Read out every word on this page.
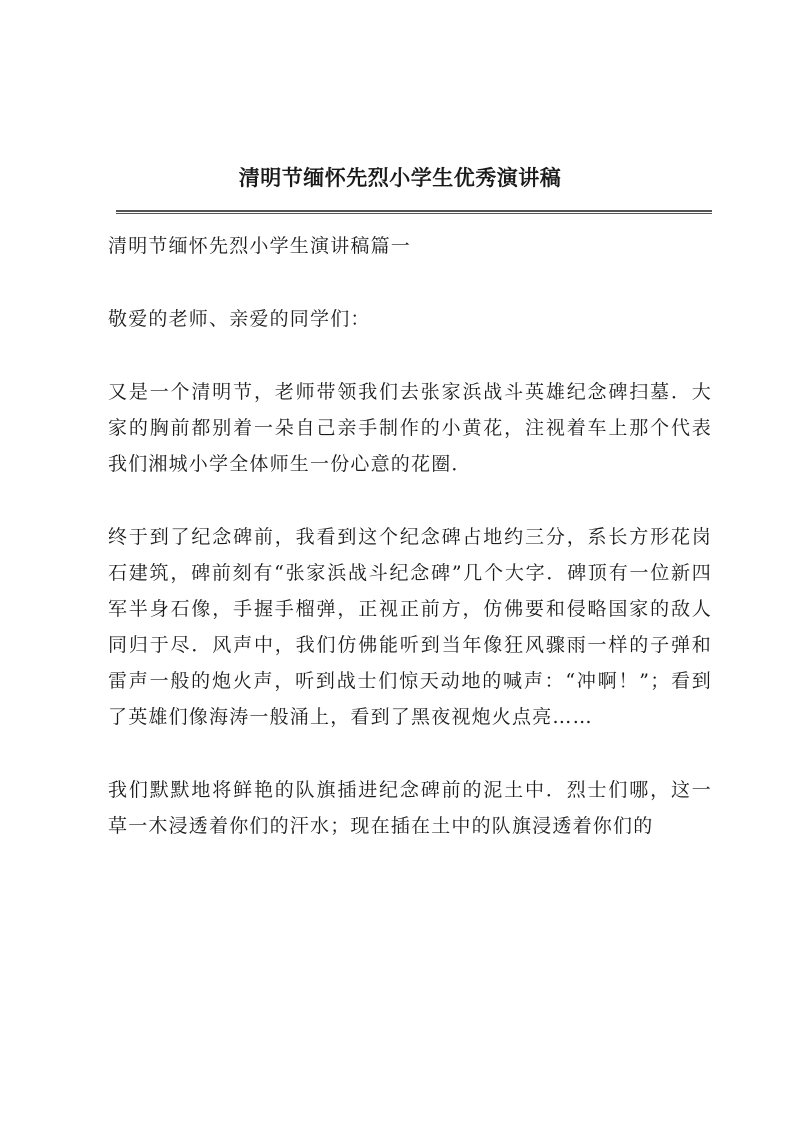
清明节缅怀先烈小学生优秀演讲稿

清明节缅怀先烈小学生演讲稿篇一

敬爱的老师、亲爱的同学们：

又是一个清明节，老师带领我们去张家浜战斗英雄纪念碑扫墓．大家的胸前都别着一朵自己亲手制作的小黄花，注视着车上那个代表我们湘城小学全体师生一份心意的花圈．

终于到了纪念碑前，我看到这个纪念碑占地约三分，系长方形花岗石建筑，碑前刻有“张家浜战斗纪念碑”几个大字．碑顶有一位新四军半身石像，手握手榴弹，正视正前方，仿佛要和侵略国家的敌人同归于尽．风声中，我们仿佛能听到当年像狂风骤雨一样的子弹和雷声一般的炮火声，听到战士们惊天动地的喊声：“冲啊！”；看到了英雄们像海涛一般涌上，看到了黑夜视炮火点亮……

我们默默地将鲜艳的队旗插进纪念碑前的泥土中．烈士们哪，这一草一木浸透着你们的汗水；现在插在土中的队旗浸透着你们的
